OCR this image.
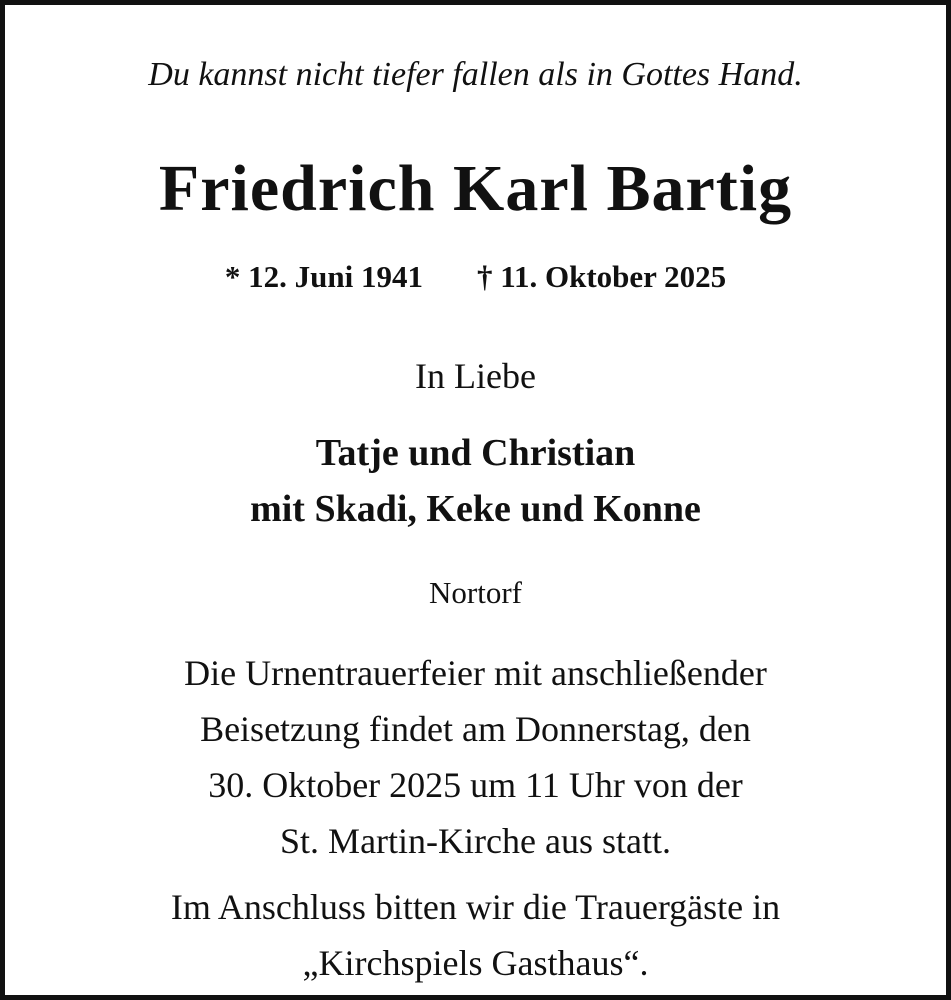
Du kannst nicht tiefer fallen als in Gottes Hand.

Friedrich Karl Bartig

* 12. Juni 1941 † 11. Oktober 2025

In Liebe

Tatje und Christian
mit Skadi, Keke und Konne

Nortorf

Die Urnentrauerfeier mit anschließender
Beisetzung findet am Donnerstag, den
30. Oktober 2025 um 11 Uhr von der
St. Martin-Kirche aus statt.

Im Anschluss bitten wir die Trauergäste in
„Kirchspiels Gasthaus“.
